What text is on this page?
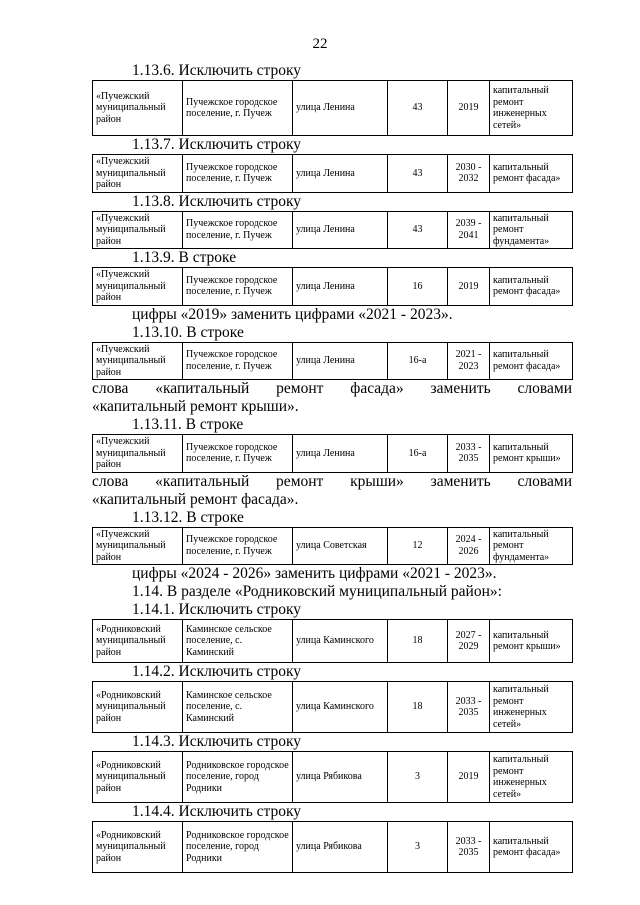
22
1.13.6. Исключить строку
«Пучежский муниципальный район	Пучежское городское поселение, г. Пучеж	улица Ленина	43	2019	капитальный ремонт инженерных сетей»
1.13.7. Исключить строку
«Пучежский муниципальный район	Пучежское городское поселение, г. Пучеж	улица Ленина	43	2030 - 2032	капитальный ремонт фасада»
1.13.8. Исключить строку
«Пучежский муниципальный район	Пучежское городское поселение, г. Пучеж	улица Ленина	43	2039 - 2041	капитальный ремонт фундамента»
1.13.9. В строке
«Пучежский муниципальный район	Пучежское городское поселение, г. Пучеж	улица Ленина	16	2019	капитальный ремонт фасада»
цифры «2019» заменить цифрами «2021 - 2023».
1.13.10. В строке
«Пучежский муниципальный район	Пучежское городское поселение, г. Пучеж	улица Ленина	16-а	2021 - 2023	капитальный ремонт фасада»
слова «капитальный ремонт фасада» заменить словами
«капитальный ремонт крыши».
1.13.11. В строке
«Пучежский муниципальный район	Пучежское городское поселение, г. Пучеж	улица Ленина	16-а	2033 - 2035	капитальный ремонт крыши»
слова «капитальный ремонт крыши» заменить словами
«капитальный ремонт фасада».
1.13.12. В строке
«Пучежский муниципальный район	Пучежское городское поселение, г. Пучеж	улица Советская	12	2024 - 2026	капитальный ремонт фундамента»
цифры «2024 - 2026» заменить цифрами «2021 - 2023».
1.14. В разделе «Родниковский муниципальный район»:
1.14.1. Исключить строку
«Родниковский муниципальный район	Каминское сельское поселение, с. Каминский	улица Каминского	18	2027 - 2029	капитальный ремонт крыши»
1.14.2. Исключить строку
«Родниковский муниципальный район	Каминское сельское поселение, с. Каминский	улица Каминского	18	2033 - 2035	капитальный ремонт инженерных сетей»
1.14.3. Исключить строку
«Родниковский муниципальный район	Родниковское городское поселение, город Родники	улица Рябикова	3	2019	капитальный ремонт инженерных сетей»
1.14.4. Исключить строку
«Родниковский муниципальный район	Родниковское городское поселение, город Родники	улица Рябикова	3	2033 - 2035	капитальный ремонт фасада»
